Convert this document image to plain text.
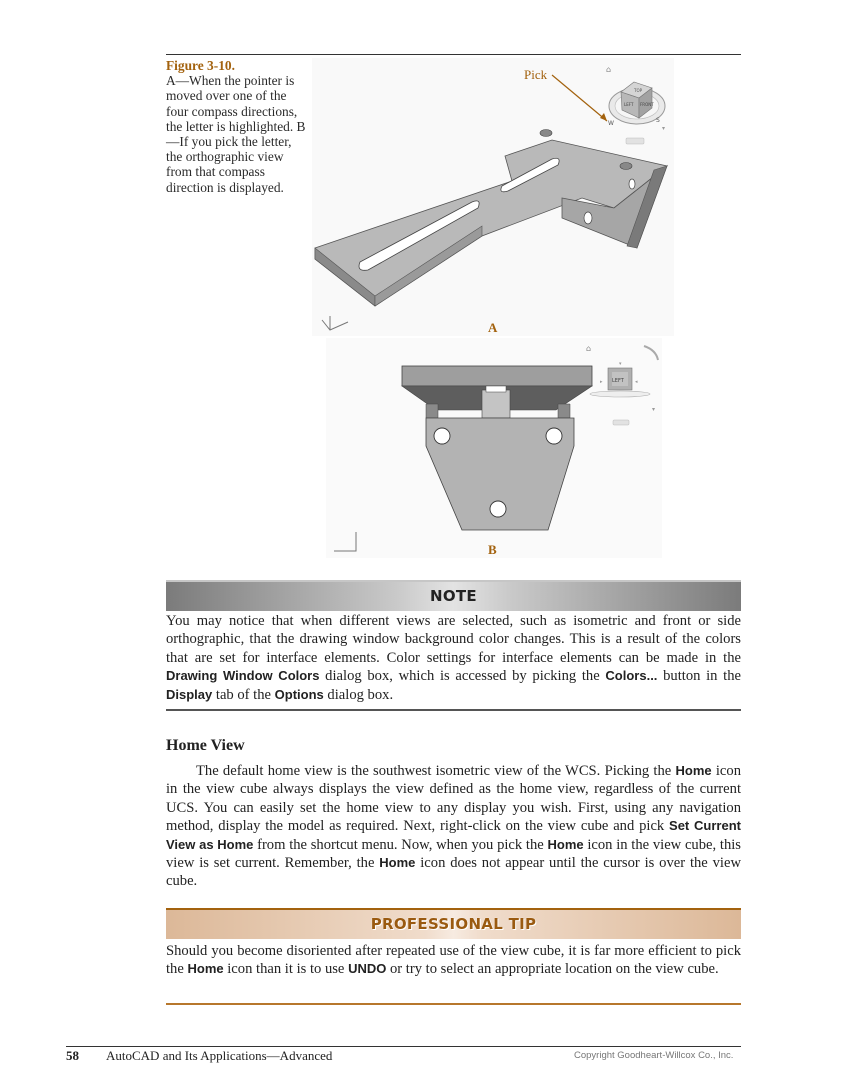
Figure 3-10.
A—When the pointer is moved over one of the four compass directions, the letter is highlighted. B—If you pick the letter, the orthographic view from that compass direction is displayed.
⌂
TOP
LEFT FRONT
W	S
▾
Pick
A
⌂
▾
LEFT
▸	◂
▾
B
NOTE
You may notice that when different views are selected, such as isometric and front or side orthographic, that the drawing window background color changes. This is a result of the colors that are set for interface elements. Color settings for interface elements can be made in the Drawing Window Colors dialog box, which is accessed by picking the Colors... button in the Display tab of the Options dialog box.
Home View
The default home view is the southwest isometric view of the WCS. Picking the Home icon in the view cube always displays the view defined as the home view, regardless of the current UCS. You can easily set the home view to any display you wish. First, using any navigation method, display the model as required. Next, right-click on the view cube and pick Set Current View as Home from the shortcut menu. Now, when you pick the Home icon in the view cube, this view is set current. Remember, the Home icon does not appear until the cursor is over the view cube.
PROFESSIONAL TIP
Should you become disoriented after repeated use of the view cube, it is far more efficient to pick the Home icon than it is to use UNDO or try to select an appropriate location on the view cube.
58 AutoCAD and Its Applications—Advanced	Copyright Goodheart-Willcox Co., Inc.
